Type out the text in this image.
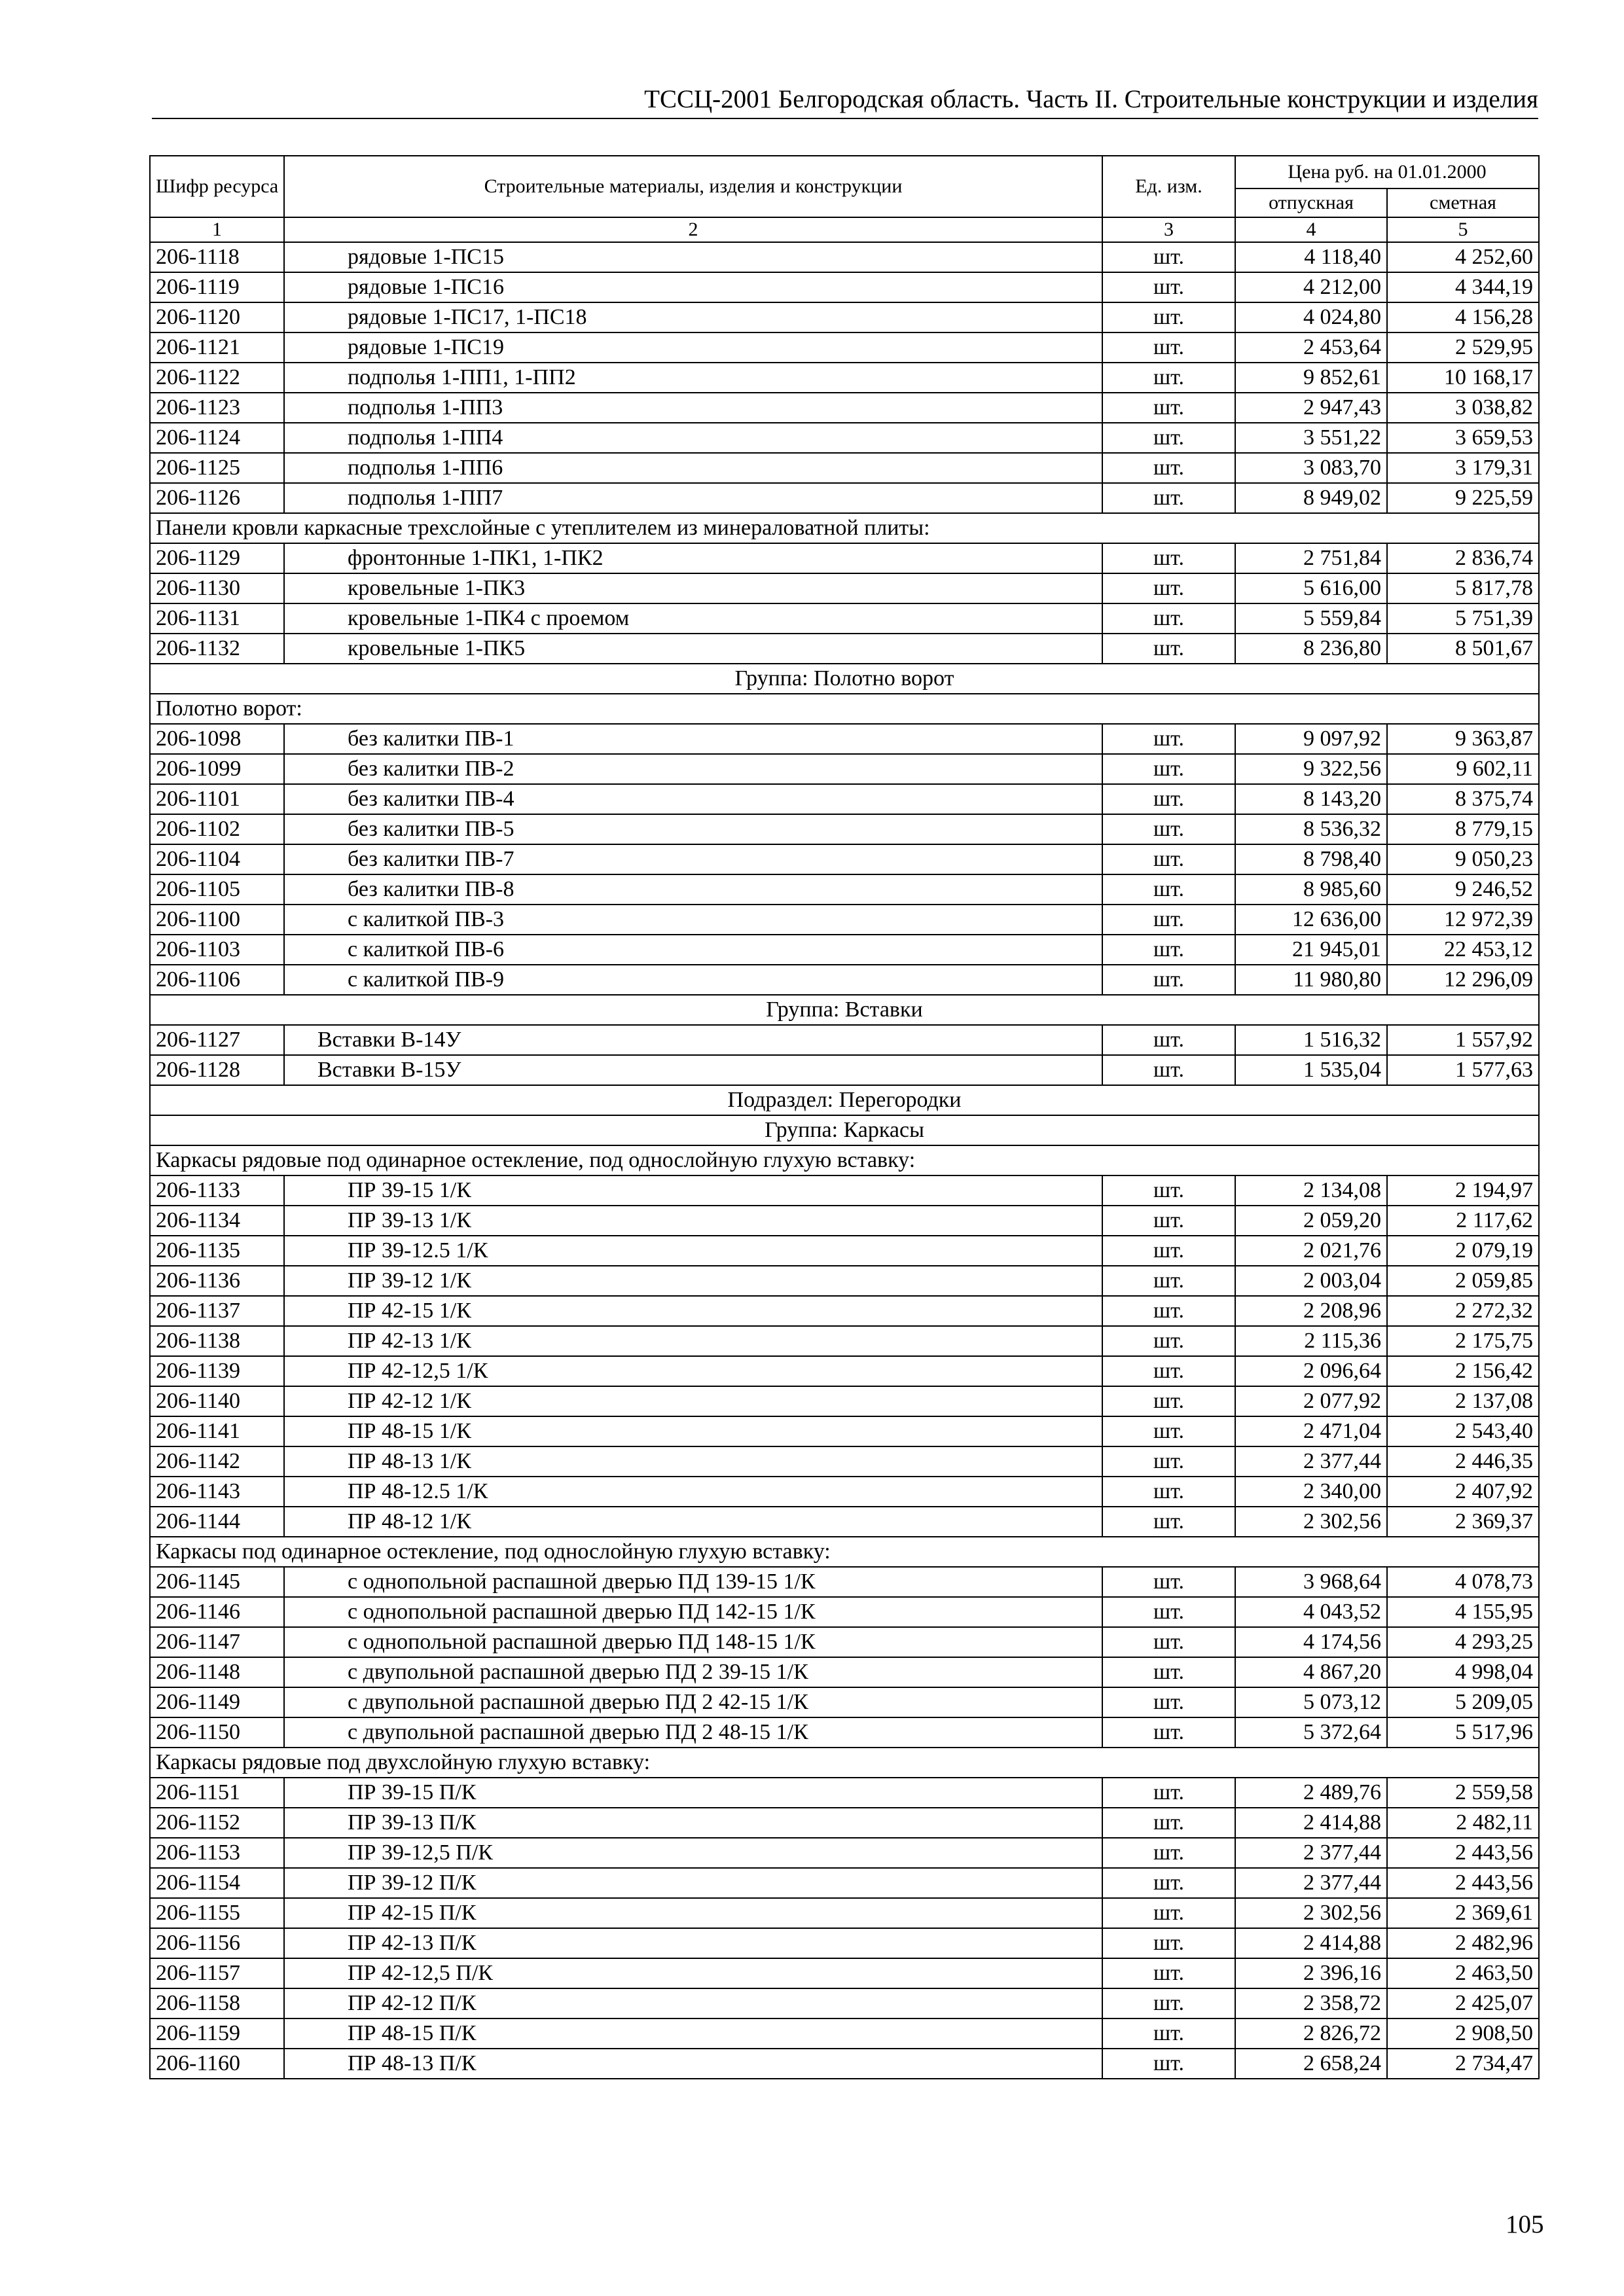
ТССЦ-2001 Белгородская область. Часть II. Строительные конструкции и изделия
Шифр ресурса	Строительные материалы, изделия и конструкции	Ед. изм.	Цена руб. на 01.01.2000	
			отпускная	сметная
1	2	3	4	5
206-1118	рядовые 1-ПС15	шт.	4 118,40	4 252,60
206-1119	рядовые 1-ПС16	шт.	4 212,00	4 344,19
206-1120	рядовые 1-ПС17, 1-ПС18	шт.	4 024,80	4 156,28
206-1121	рядовые 1-ПС19	шт.	2 453,64	2 529,95
206-1122	подполья 1-ПП1, 1-ПП2	шт.	9 852,61	10 168,17
206-1123	подполья 1-ПП3	шт.	2 947,43	3 038,82
206-1124	подполья 1-ПП4	шт.	3 551,22	3 659,53
206-1125	подполья 1-ПП6	шт.	3 083,70	3 179,31
206-1126	подполья 1-ПП7	шт.	8 949,02	9 225,59
Панели кровли каркасные трехслойные с утеплителем из минераловатной плиты:				
206-1129	фронтонные 1-ПК1, 1-ПК2	шт.	2 751,84	2 836,74
206-1130	кровельные 1-ПК3	шт.	5 616,00	5 817,78
206-1131	кровельные 1-ПК4 с проемом	шт.	5 559,84	5 751,39
206-1132	кровельные 1-ПК5	шт.	8 236,80	8 501,67
Группа: Полотно ворот				
Полотно ворот:				
206-1098	без калитки ПВ-1	шт.	9 097,92	9 363,87
206-1099	без калитки ПВ-2	шт.	9 322,56	9 602,11
206-1101	без калитки ПВ-4	шт.	8 143,20	8 375,74
206-1102	без калитки ПВ-5	шт.	8 536,32	8 779,15
206-1104	без калитки ПВ-7	шт.	8 798,40	9 050,23
206-1105	без калитки ПВ-8	шт.	8 985,60	9 246,52
206-1100	с калиткой ПВ-3	шт.	12 636,00	12 972,39
206-1103	с калиткой ПВ-6	шт.	21 945,01	22 453,12
206-1106	с калиткой ПВ-9	шт.	11 980,80	12 296,09
Группа: Вставки				
206-1127	Вставки В-14У	шт.	1 516,32	1 557,92
206-1128	Вставки В-15У	шт.	1 535,04	1 577,63
Подраздел: Перегородки				
Группа: Каркасы				
Каркасы рядовые под одинарное остекление, под однослойную глухую вставку:				
206-1133	ПР 39-15 1/К	шт.	2 134,08	2 194,97
206-1134	ПР 39-13 1/К	шт.	2 059,20	2 117,62
206-1135	ПР 39-12.5 1/К	шт.	2 021,76	2 079,19
206-1136	ПР 39-12 1/К	шт.	2 003,04	2 059,85
206-1137	ПР 42-15 1/К	шт.	2 208,96	2 272,32
206-1138	ПР 42-13 1/К	шт.	2 115,36	2 175,75
206-1139	ПР 42-12,5 1/К	шт.	2 096,64	2 156,42
206-1140	ПР 42-12 1/К	шт.	2 077,92	2 137,08
206-1141	ПР 48-15 1/К	шт.	2 471,04	2 543,40
206-1142	ПР 48-13 1/К	шт.	2 377,44	2 446,35
206-1143	ПР 48-12.5 1/К	шт.	2 340,00	2 407,92
206-1144	ПР 48-12 1/К	шт.	2 302,56	2 369,37
Каркасы под одинарное остекление, под однослойную глухую вставку:				
206-1145	с однопольной распашной дверью ПД 139-15 1/К	шт.	3 968,64	4 078,73
206-1146	с однопольной распашной дверью ПД 142-15 1/К	шт.	4 043,52	4 155,95
206-1147	с однопольной распашной дверью ПД 148-15 1/К	шт.	4 174,56	4 293,25
206-1148	с двупольной распашной дверью ПД 2 39-15 1/К	шт.	4 867,20	4 998,04
206-1149	с двупольной распашной дверью ПД 2 42-15 1/К	шт.	5 073,12	5 209,05
206-1150	с двупольной распашной дверью ПД 2 48-15 1/К	шт.	5 372,64	5 517,96
Каркасы рядовые под двухслойную глухую вставку:				
206-1151	ПР 39-15 П/К	шт.	2 489,76	2 559,58
206-1152	ПР 39-13 П/К	шт.	2 414,88	2 482,11
206-1153	ПР 39-12,5 П/К	шт.	2 377,44	2 443,56
206-1154	ПР 39-12 П/К	шт.	2 377,44	2 443,56
206-1155	ПР 42-15 П/К	шт.	2 302,56	2 369,61
206-1156	ПР 42-13 П/К	шт.	2 414,88	2 482,96
206-1157	ПР 42-12,5 П/К	шт.	2 396,16	2 463,50
206-1158	ПР 42-12 П/К	шт.	2 358,72	2 425,07
206-1159	ПР 48-15 П/К	шт.	2 826,72	2 908,50
206-1160	ПР 48-13 П/К	шт.	2 658,24	2 734,47
105
